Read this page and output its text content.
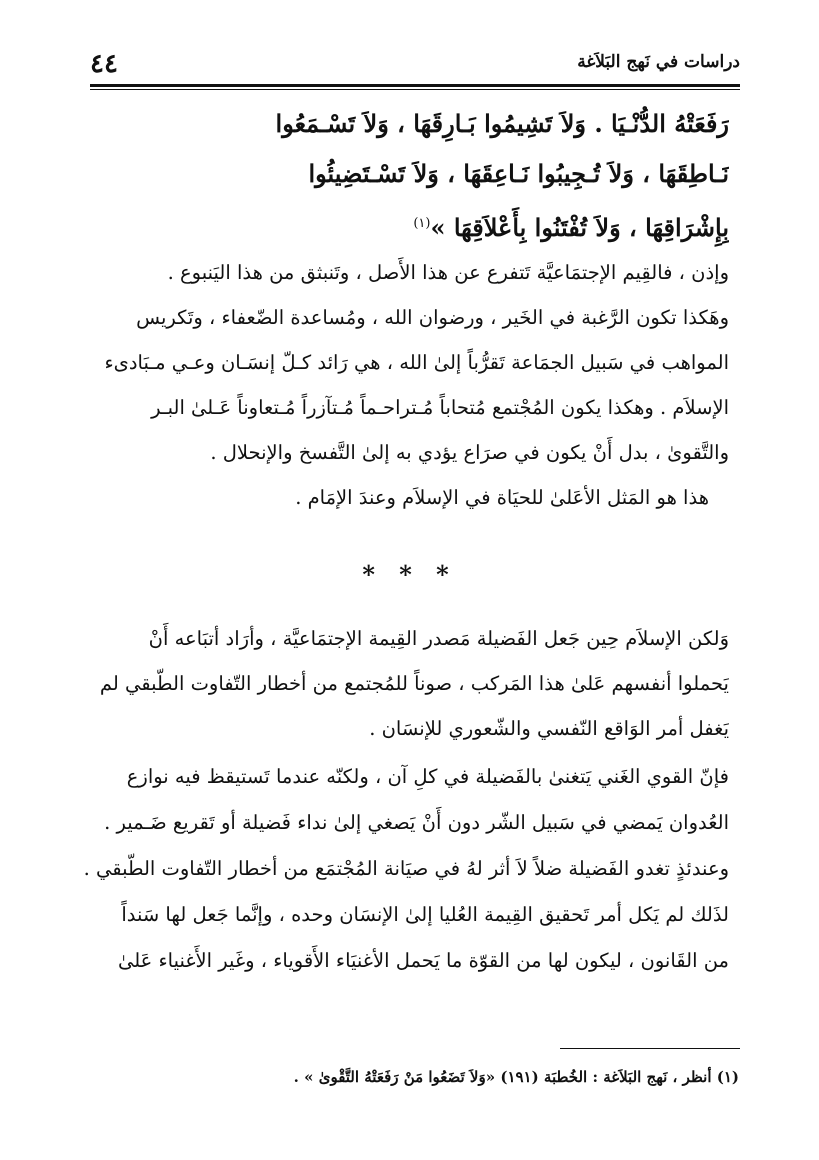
٤٤	دراسات في نَهج البَلاَغة
رَفَعَتْهُ الدُّنْـيَا . وَلاَ تَشِيمُوا بَـارِقَهَا ، وَلاَ تَسْـمَعُوا
نَـاطِقَهَا ، وَلاَ تُـجِيبُوا نَـاعِقَهَا ، وَلاَ تَسْـتَضِيئُوا
بِإِشْرَاقِهَا ، وَلاَ تُفْتَنُوا بِأَعْلاَقِهَا »$^{(١)}$
وإذن ، فالقِيم الإجتمَاعيَّة تَتفرع عن هذا الأَصل ، وتَنبثق من هذا اليَنبوع .
وهَكذا تكون الرَّغبة في الخَير ، ورضوان الله ، ومُساعدة الضّعفاء ، وتَكريس
المواهب في سَبيل الجمَاعة تَقرُّباً إلىٰ الله ، هي رَائد كـلّ إنسَـان وعـي مـبَادىء
الإسلاَم . وهكذا يكون المُجْتمع مُتحاباً مُـتراحـماً مُـتآزراً مُـتعاوناً عَـلىٰ البـر
والتَّقوىٰ ، بدل أَنْ يكون في صرَاع يؤدي به إلىٰ التَّفسخ والإنحلال .
هذا هو المَثل الأعَلىٰ للحيَاة في الإسلاَم وعندَ الإمَام .
* * *
وَلكن الإسلاَم حِين جَعل الفَضيلة مَصدر القِيمة الإجتمَاعيَّة ، وأرَاد أتبَاعه أَنْ
يَحملوا أنفسهم عَلىٰ هذا المَركب ، صوناً للمُجتمع من أخطار التّفاوت الطّبقي لم
يَغفل أمر الوَاقع النّفسي والشّعوري للإنسَان .
فإنّ القوي الغَني يَتغنىٰ بالفَضيلة في كلِ آن ، ولكنّه عندما تَستيقظ فيه نوازع
العُدوان يَمضي في سَبيل الشّر دون أَنْ يَصغي إلىٰ نداء فَضيلة أو تَقريع ضَـمير .
وعندئذٍ تغدو الفَضيلة ضلاً لاَ أثر لهُ في صيَانة المُجْتمَع من أخطار التّفاوت الطّبقي .
لذَلك لم يَكل أمر تَحقيق القِيمة العُليا إلىٰ الإنسَان وحده ، وإنَّما جَعل لها سَنداً
من القَانون ، ليكون لها من القوّة ما يَحمل الأغنيَاء الأَقوياء ، وغَير الأَغنياء عَلىٰ
(١) أنظر ، نَهج البَلاَغة : الخُطبَة (١٩١) «وَلاَ تَضَعُوا مَنْ رَفَعَتْهُ التَّقْوىٰ » .
